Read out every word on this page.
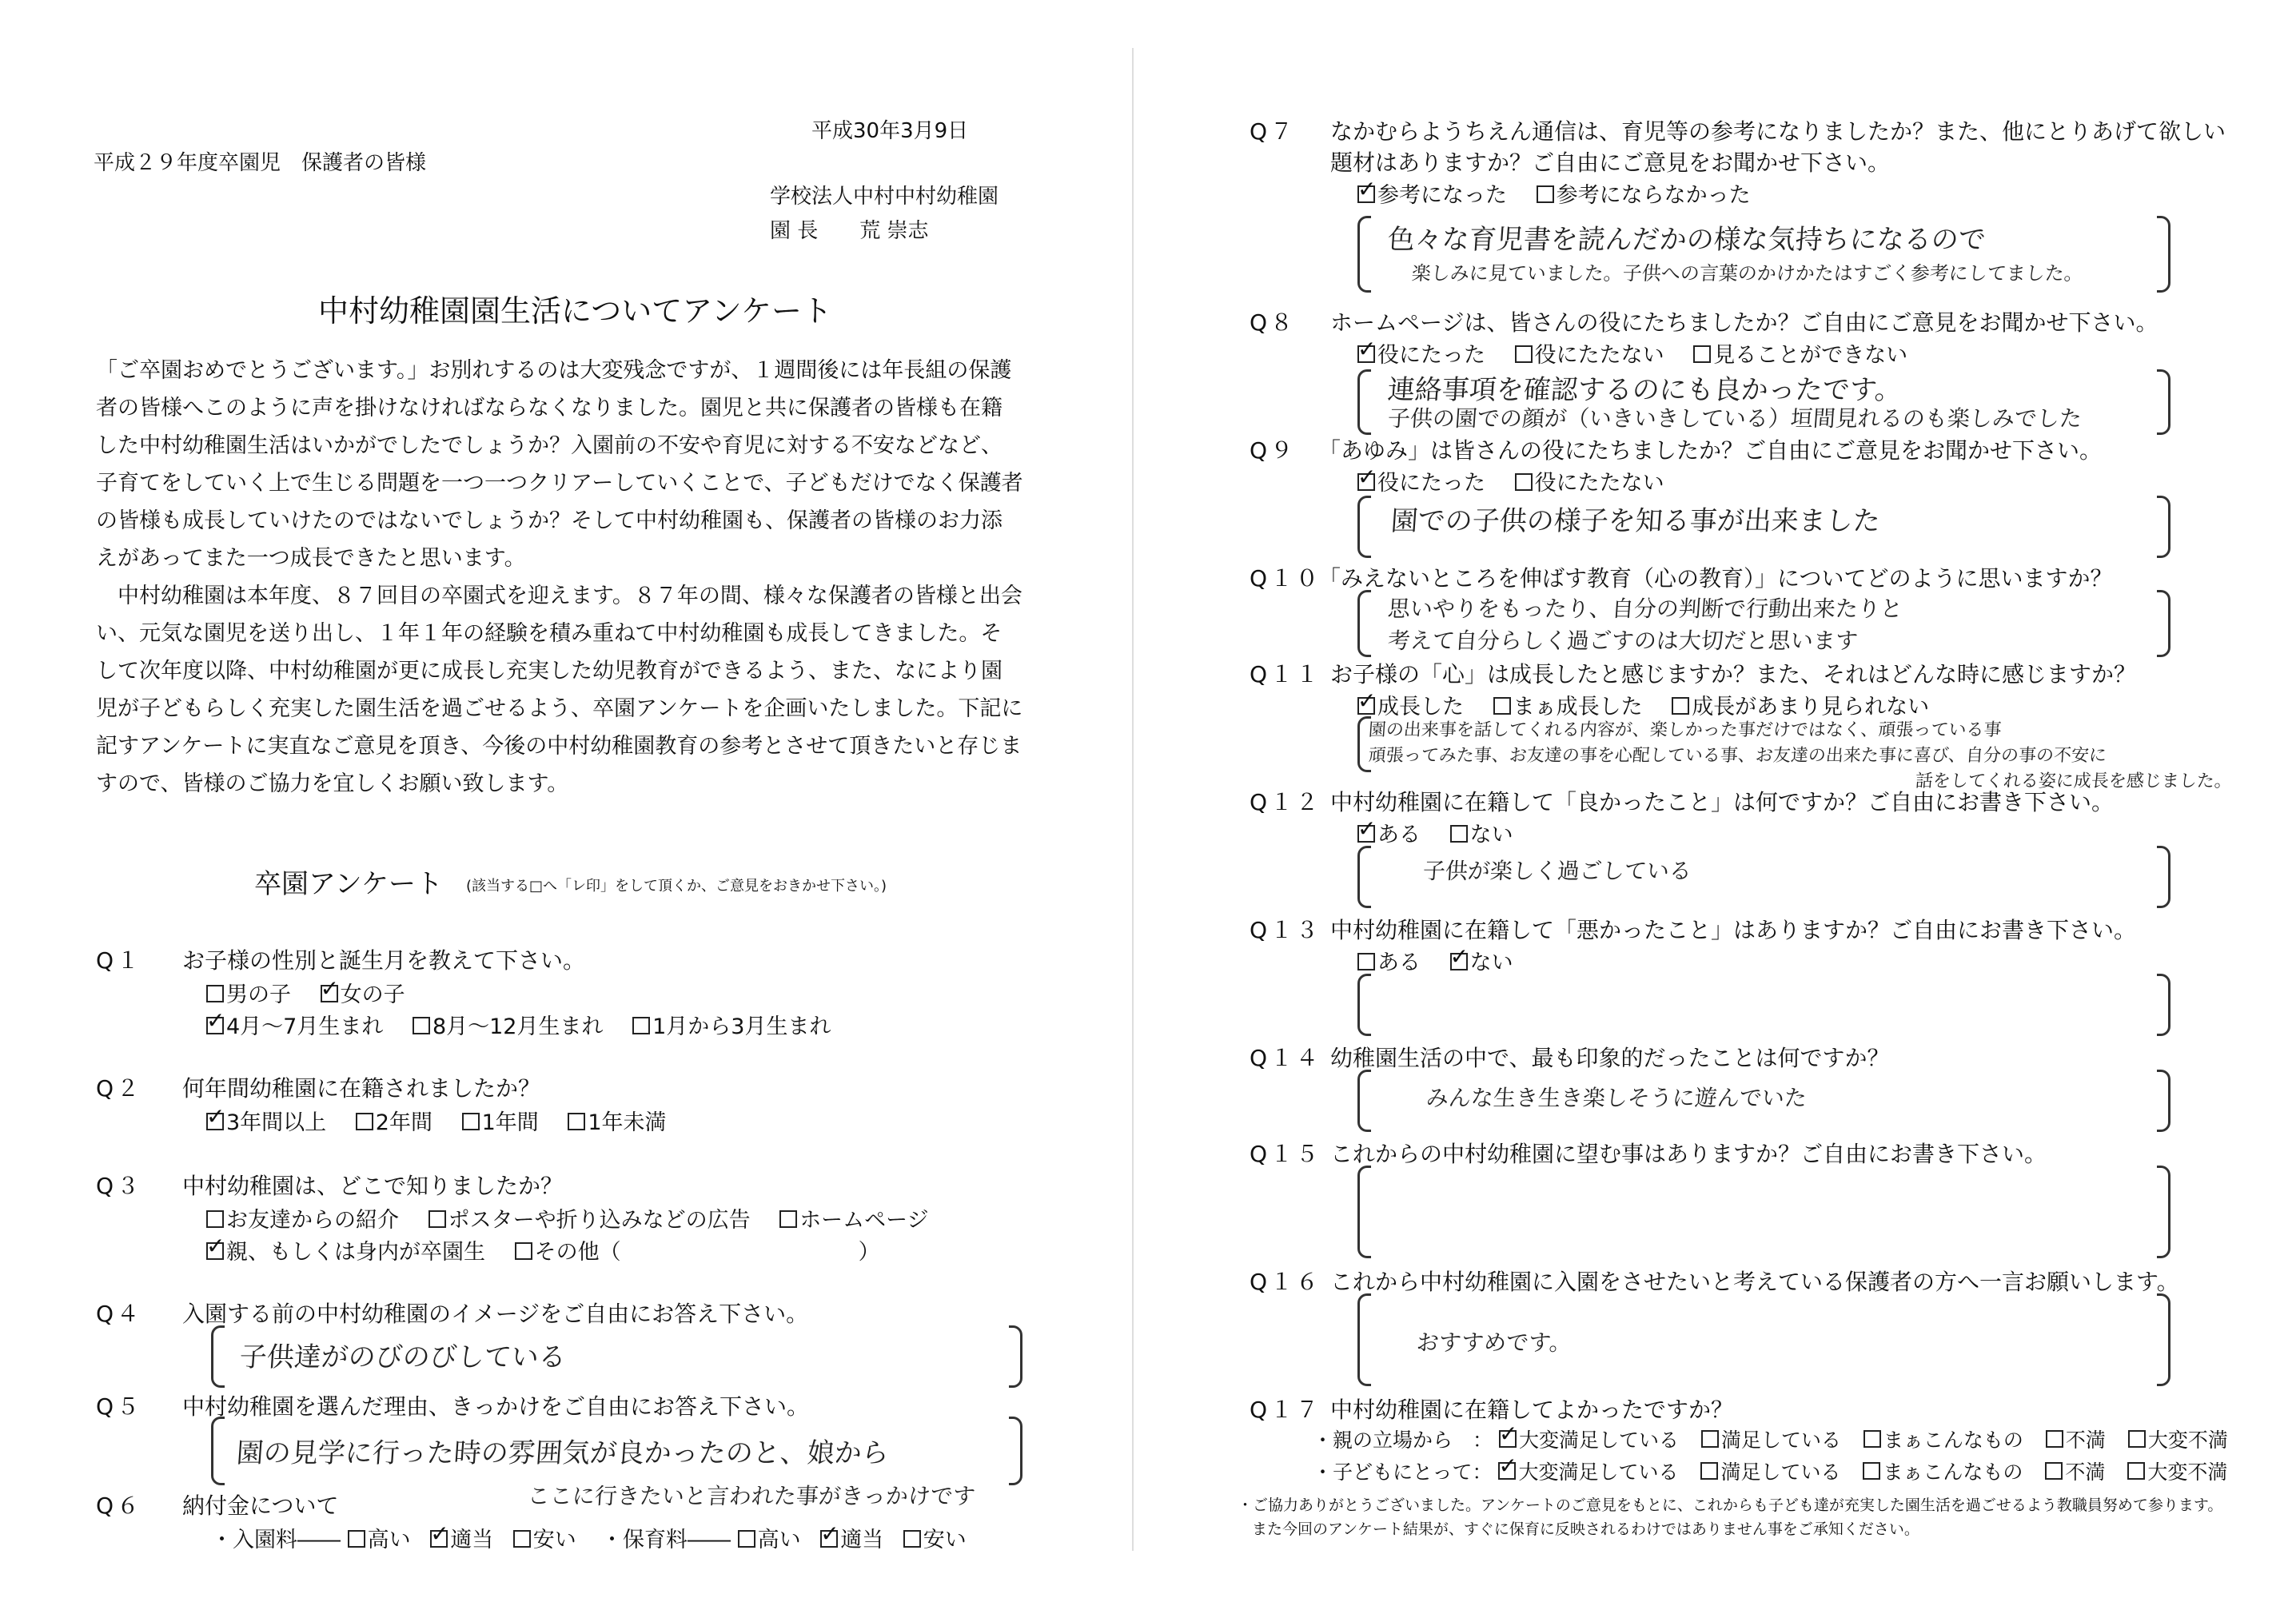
平成30年3月9日
平成２９年度卒園児　保護者の皆様
学校法人中村中村幼稚園
園 長　　荒 崇志
中村幼稚園園生活についてアンケート

「ご卒園おめでとうございます。」お別れするのは大変残念ですが、１週間後には年長組の保護者の皆様へこのように声を掛けなければならなくなりました。園児と共に保護者の皆様も在籍した中村幼稚園生活はいかがでしたでしょうか？入園前の不安や育児に対する不安などなど、子育てをしていく上で生じる問題を一つ一つクリアーしていくことで、子どもだけでなく保護者の皆様も成長していけたのではないでしょうか？そして中村幼稚園も、保護者の皆様のお力添えがあってまた一つ成長できたと思います。

中村幼稚園は本年度、８７回目の卒園式を迎えます。８７年の間、様々な保護者の皆様と出会い、元気な園児を送り出し、１年１年の経験を積み重ねて中村幼稚園も成長してきました。そして次年度以降、中村幼稚園が更に成長し充実した幼児教育ができるよう、また、なにより園児が子どもらしく充実した園生活を過ごせるよう、卒園アンケートを企画いたしました。下記に記すアンケートに実直なご意見を頂き、今後の中村幼稚園教育の参考とさせて頂きたいと存じますので、皆様のご協力を宜しくお願い致します。

卒園アンケート (該当する□へ「レ印」をして頂くか、ご意見をおきかせ下さい。)
Q１ お子様の性別と誕生月を教えて下さい。
男の子 ✓ 女の子
✓4月～7月生まれ 8月～12月生まれ 1月から3月生まれ
Q２ 何年間幼稚園に在籍されましたか？
✓3年間以上 2年間 1年間 1年未満
Q３ 中村幼稚園は、どこで知りましたか？
お友達からの紹介 ポスターや折り込みなどの広告 ホームページ
✓親、もしくは身内が卒園生 その他（　　　　　　　　　　　）
Q４ 入園する前の中村幼稚園のイメージをご自由にお答え下さい。
子供達がのびのびしている
Q５ 中村幼稚園を選んだ理由、きっかけをご自由にお答え下さい。
園の見学に行った時の雰囲気が良かったのと、娘から
ここに行きたいと言われた事がきっかけです
Q６ 納付金について
・入園料―― 高い ✓ 適当 安い ・保育料―― 高い ✓ 適当 安い
Q７ なかむらようちえん通信は、育児等の参考になりましたか？また、他にとりあげて欲しい
題材はありますか？ご自由にご意見をお聞かせ下さい。
✓参考になった 参考にならなかった
色々な育児書を読んだかの様な気持ちになるので
楽しみに見ていました。子供への言葉のかけかたはすごく参考にしてました。
Q８ ホームページは、皆さんの役にたちましたか？ご自由にご意見をお聞かせ下さい。
✓役にたった 役にたたない 見ることができない
連絡事項を確認するのにも良かったです。
子供の園での顔が（いきいきしている）垣間見れるのも楽しみでした
Q９ 「あゆみ」は皆さんの役にたちましたか？ご自由にご意見をお聞かせ下さい。
✓役にたった 役にたたない
園での子供の様子を知る事が出来ました
Q１０
「みえないところを伸ばす教育（心の教育）」についてどのように思いますか？
思いやりをもったり、自分の判断で行動出来たりと
考えて自分らしく過ごすのは大切だと思います
Q１１ お子様の「心」は成長したと感じますか？また、それはどんな時に感じますか？
✓成長した まぁ成長した 成長があまり見られない
園の出来事を話してくれる内容が、楽しかった事だけではなく、頑張っている事
頑張ってみた事、お友達の事を心配している事、お友達の出来た事に喜び、自分の事の不安に
話をしてくれる姿に成長を感じました。
Q１２ 中村幼稚園に在籍して「良かったこと」は何ですか？ご自由にお書き下さい。
✓ある ない
子供が楽しく過ごしている
Q１３ 中村幼稚園に在籍して「悪かったこと」はありますか？ご自由にお書き下さい。
ある ✓ ない
Q１４ 幼稚園生活の中で、最も印象的だったことは何ですか？
みんな生き生き楽しそうに遊んでいた
Q１５ これからの中村幼稚園に望む事はありますか？ご自由にお書き下さい。
Q１６ これから中村幼稚園に入園をさせたいと考えている保護者の方へ一言お願いします。
おすすめです。
Q１７ 中村幼稚園に在籍してよかったですか？
・親の立場から　： ✓ 大変満足している 満足している まぁこんなもの 不満 大変不満
・子どもにとって： ✓ 大変満足している 満足している まぁこんなもの 不満 大変不満
・ご協力ありがとうございました。アンケートのご意見をもとに、これからも子ども達が充実した園生活を過ごせるよう教職員努めて参ります。
また今回のアンケート結果が、すぐに保育に反映されるわけではありません事をご承知ください。
